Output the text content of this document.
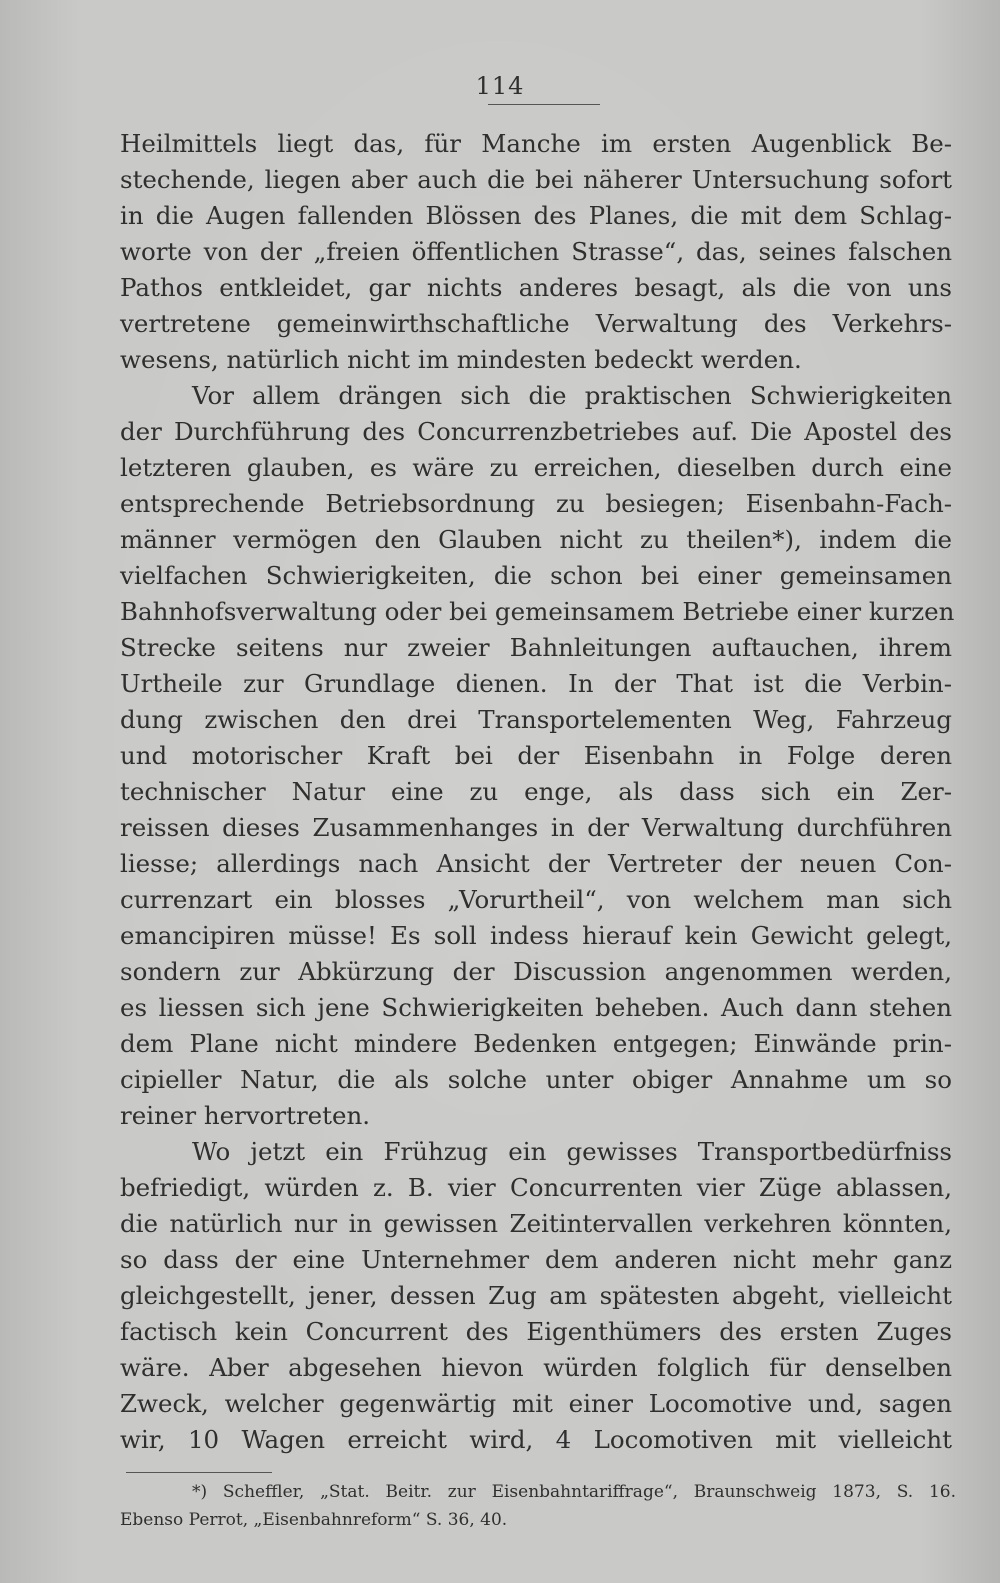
114
Heilmittels liegt das, für Manche im ersten Augenblick Be-
stechende, liegen aber auch die bei näherer Untersuchung sofort
in die Augen fallenden Blössen des Planes, die mit dem Schlag-
worte von der „freien öffentlichen Strasse“, das, seines falschen
Pathos entkleidet, gar nichts anderes besagt, als die von uns
vertretene gemeinwirthschaftliche Verwaltung des Verkehrs-
wesens, natürlich nicht im mindesten bedeckt werden.
Vor allem drängen sich die praktischen Schwierigkeiten
der Durchführung des Concurrenzbetriebes auf. Die Apostel des
letzteren glauben, es wäre zu erreichen, dieselben durch eine
entsprechende Betriebsordnung zu besiegen; Eisenbahn-Fach-
männer vermögen den Glauben nicht zu theilen*), indem die
vielfachen Schwierigkeiten, die schon bei einer gemeinsamen
Bahnhofsverwaltung oder bei gemeinsamem Betriebe einer kurzen
Strecke seitens nur zweier Bahnleitungen auftauchen, ihrem
Urtheile zur Grundlage dienen. In der That ist die Verbin-
dung zwischen den drei Transportelementen Weg, Fahrzeug
und motorischer Kraft bei der Eisenbahn in Folge deren
technischer Natur eine zu enge, als dass sich ein Zer-
reissen dieses Zusammenhanges in der Verwaltung durchführen
liesse; allerdings nach Ansicht der Vertreter der neuen Con-
currenzart ein blosses „Vorurtheil“, von welchem man sich
emancipiren müsse! Es soll indess hierauf kein Gewicht gelegt,
sondern zur Abkürzung der Discussion angenommen werden,
es liessen sich jene Schwierigkeiten beheben. Auch dann stehen
dem Plane nicht mindere Bedenken entgegen; Einwände prin-
cipieller Natur, die als solche unter obiger Annahme um so
reiner hervortreten.
Wo jetzt ein Frühzug ein gewisses Transportbedürfniss
befriedigt, würden z. B. vier Concurrenten vier Züge ablassen,
die natürlich nur in gewissen Zeitintervallen verkehren könnten,
so dass der eine Unternehmer dem anderen nicht mehr ganz
gleichgestellt, jener, dessen Zug am spätesten abgeht, vielleicht
factisch kein Concurrent des Eigenthümers des ersten Zuges
wäre. Aber abgesehen hievon würden folglich für denselben
Zweck, welcher gegenwärtig mit einer Locomotive und, sagen
wir, 10 Wagen erreicht wird, 4 Locomotiven mit vielleicht
*) Scheffler, „Stat. Beitr. zur Eisenbahntariffrage“, Braunschweig 1873, S. 16.
Ebenso Perrot, „Eisenbahnreform“ S. 36, 40.
